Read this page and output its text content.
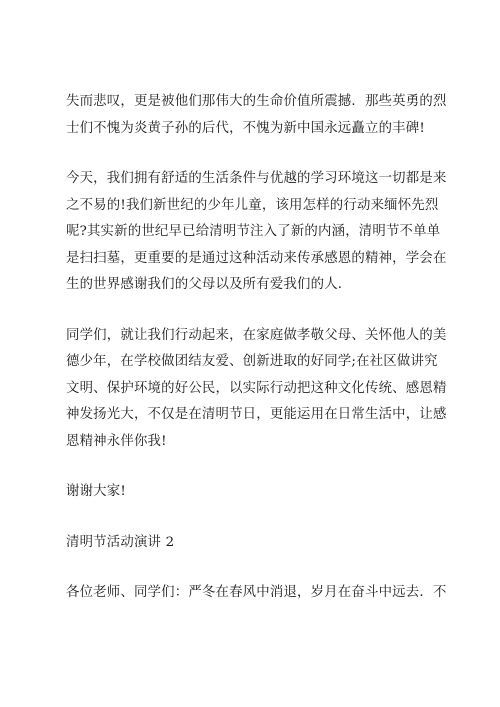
失而悲叹，更是被他们那伟大的生命价值所震撼．那些英勇的烈
士们不愧为炎黄子孙的后代，不愧为新中国永远矗立的丰碑!
今天，我们拥有舒适的生活条件与优越的学习环境这一切都是来
之不易的!我们新世纪的少年儿童，该用怎样的行动来缅怀先烈
呢?其实新的世纪早已给清明节注入了新的内涵，清明节不单单
是扫扫墓，更重要的是通过这种活动来传承感恩的精神，学会在
生的世界感谢我们的父母以及所有爱我们的人.
同学们，就让我们行动起来，在家庭做孝敬父母、关怀他人的美
德少年，在学校做团结友爱、创新进取的好同学;在社区做讲究
文明、保护环境的好公民，以实际行动把这种文化传统、感恩精
神发扬光大，不仅是在清明节日，更能运用在日常生活中，让感
恩精神永伴你我!
谢谢大家!
清明节活动演讲 2
各位老师、同学们：严冬在春风中消退，岁月在奋斗中远去．不
